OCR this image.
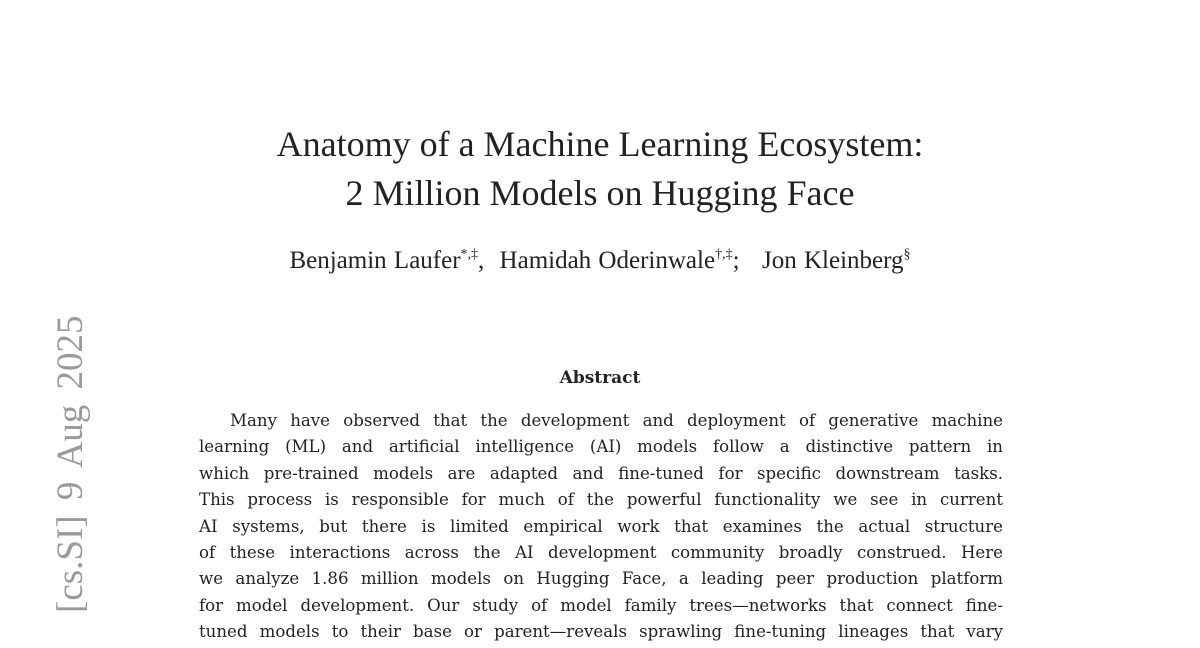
[cs.SI] 9 Aug 2025
Anatomy of a Machine Learning Ecosystem:
2 Million Models on Hugging Face
Benjamin Laufer*,‡, Hamidah Oderinwale†,‡;  Jon Kleinberg§
Abstract
Many have observed that the development and deployment of generative machine
learning (ML) and artificial intelligence (AI) models follow a distinctive pattern in
which pre-trained models are adapted and fine-tuned for specific downstream tasks.
This process is responsible for much of the powerful functionality we see in current
AI systems, but there is limited empirical work that examines the actual structure
of these interactions across the AI development community broadly construed. Here
we analyze 1.86 million models on Hugging Face, a leading peer production platform
for model development. Our study of model family trees—networks that connect fine-
tuned models to their base or parent—reveals sprawling fine-tuning lineages that vary
